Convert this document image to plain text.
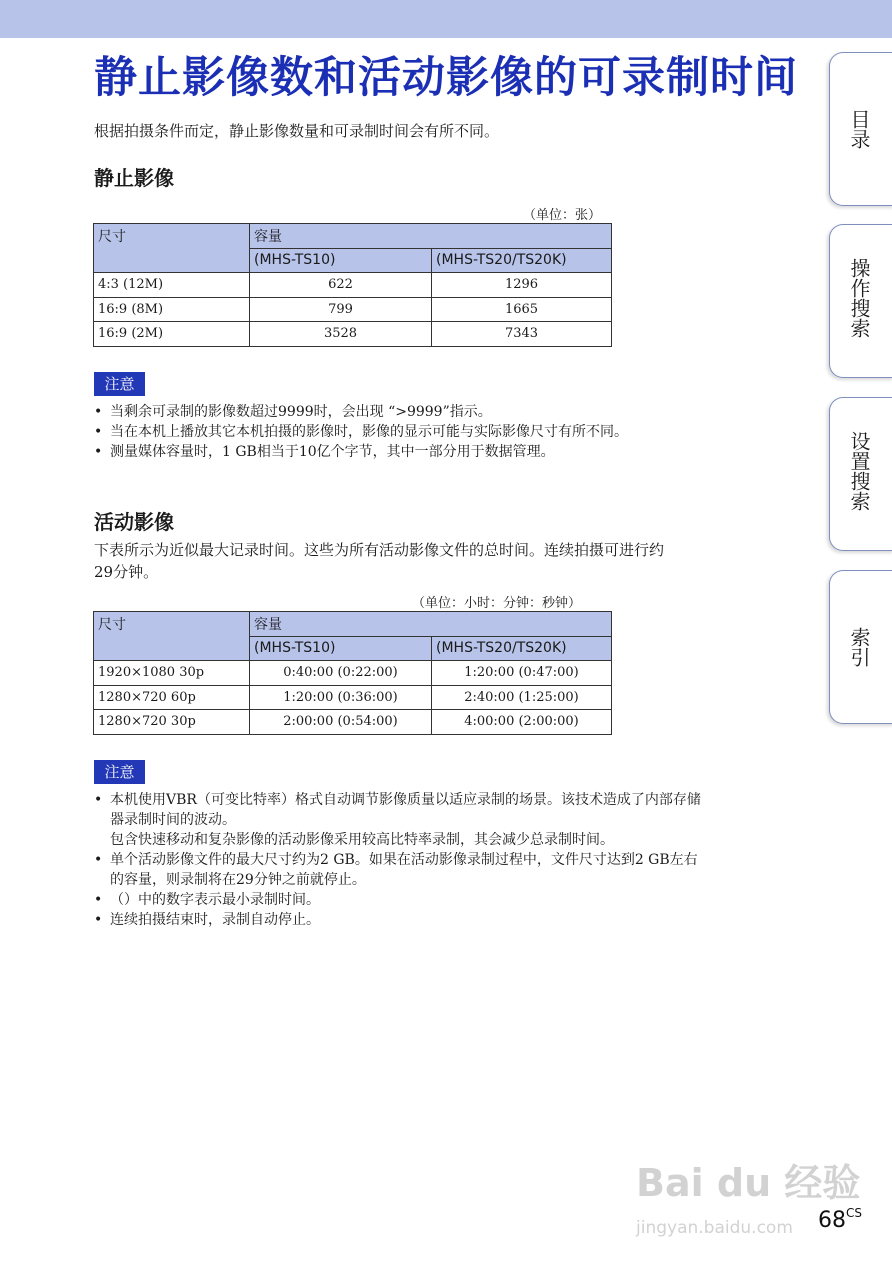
静止影像数和活动影像的可录制时间

根据拍摄条件而定，静止影像数量和可录制时间会有所不同。

静止影像
（单位：张）
尺寸	容量	
	(MHS-TS10)	(MHS-TS20/TS20K)
4:3 (12M)	622	1296
16:9 (8M)	799	1665
16:9 (2M)	3528	7343
注意
• 当剩余可录制的影像数超过9999时，会出现 “>9999”指示。
• 当在本机上播放其它本机拍摄的影像时，影像的显示可能与实际影像尺寸有所不同。
• 测量媒体容量时，1 GB相当于10亿个字节，其中一部分用于数据管理。
活动影像
下表所示为近似最大记录时间。这些为所有活动影像文件的总时间。连续拍摄可进行约
29分钟。
（单位：小时：分钟：秒钟）
尺寸	容量	
	(MHS-TS10)	(MHS-TS20/TS20K)
1920×1080 30p	0:40:00 (0:22:00)	1:20:00 (0:47:00)
1280×720 60p	1:20:00 (0:36:00)	2:40:00 (1:25:00)
1280×720 30p	2:00:00 (0:54:00)	4:00:00 (2:00:00)
注意
• 本机使用VBR（可变比特率）格式自动调节影像质量以适应录制的场景。该技术造成了内部存储
器录制时间的波动。
包含快速移动和复杂影像的活动影像采用较高比特率录制，其会减少总录制时间。
• 单个活动影像文件的最大尺寸约为2 GB。如果在活动影像录制过程中，文件尺寸达到2 GB左右
的容量，则录制将在29分钟之前就停止。
• （）中的数字表示最小录制时间。
• 连续拍摄结束时，录制自动停止。
目录
操作搜索
设置搜索
索引
Bai du 经验
jingyan.baidu.com $68^{CS}$
